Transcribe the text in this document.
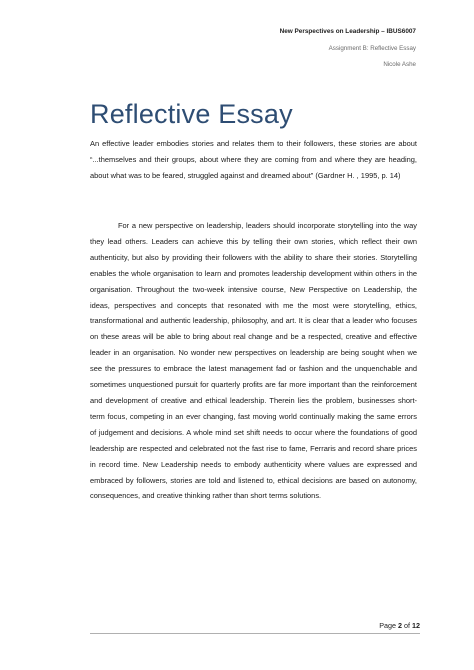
New Perspectives on Leadership – IBUS6007
Assignment B: Reflective Essay
Nicole Ashe
Reflective Essay

An effective leader embodies stories and relates them to their followers, these stories are about “...themselves and their groups, about where they are coming from and where they are heading, about what was to be feared, struggled against and dreamed about” (Gardner H. , 1995, p. 14)

For a new perspective on leadership, leaders should incorporate storytelling into the way they lead others. Leaders can achieve this by telling their own stories, which reflect their own authenticity, but also by providing their followers with the ability to share their stories. Storytelling enables the whole organisation to learn and promotes leadership development within others in the organisation. Throughout the two-week intensive course, New Perspective on Leadership, the ideas, perspectives and concepts that resonated with me the most were storytelling, ethics, transformational and authentic leadership, philosophy, and art. It is clear that a leader who focuses on these areas will be able to bring about real change and be a respected, creative and effective leader in an organisation. No wonder new perspectives on leadership are being sought when we see the pressures to embrace the latest management fad or fashion and the unquenchable and sometimes unquestioned pursuit for quarterly profits are far more important than the reinforcement and development of creative and ethical leadership. Therein lies the problem, businesses short-term focus, competing in an ever changing, fast moving world continually making the same errors of judgement and decisions. A whole mind set shift needs to occur where the foundations of good leadership are respected and celebrated not the fast rise to fame, Ferraris and record share prices in record time. New Leadership needs to embody authenticity where values are expressed and embraced by followers, stories are told and listened to, ethical decisions are based on autonomy, consequences, and creative thinking rather than short terms solutions.

Page 2 of 12
